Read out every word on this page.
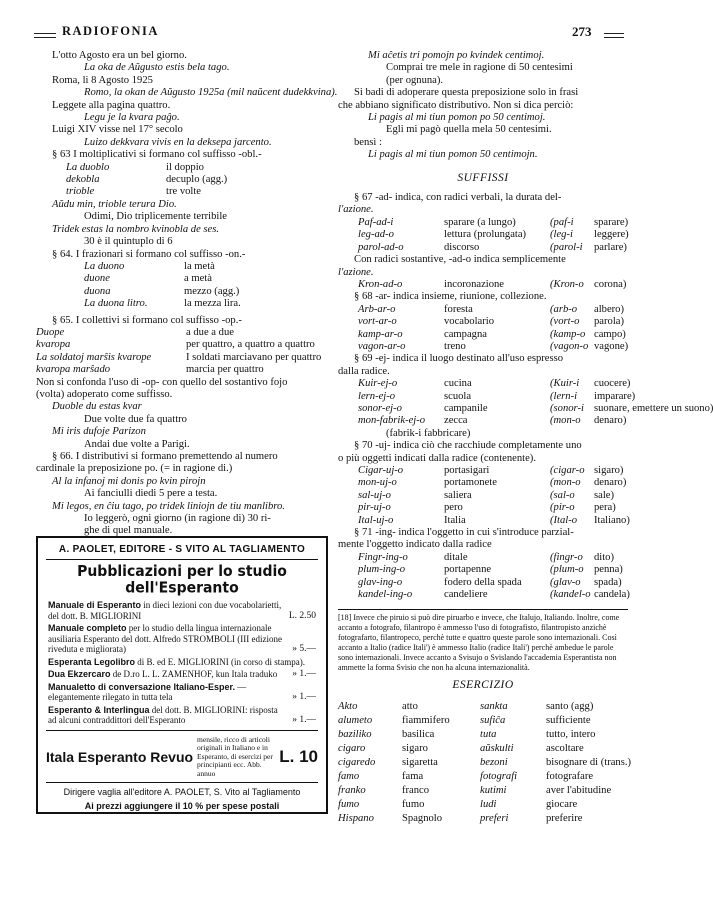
RADIOFONIA	273
L'otto Agosto era un bel giorno.
La oka de Aŭgusto estis bela tago.
Roma, li 8 Agosto 1925
Romo, la okan de Aŭgusto 1925a (mil naŭcent dudekkvina).
Leggete alla pagina quattro.
Legu je la kvara paĝo.
Luigi XIV visse nel 17° secolo
Luizo dekkvara vivis en la deksepa jarcento.
§ 63 I moltiplicativi si formano col suffisso -obl.-
La duoblo	il doppio
dekobla	decuplo (agg.)
trioble	tre volte
Aŭdu min, trioble terura Dio.
Odimi, Dio triplicemente terribile
Tridek estas la nombro kvinobla de ses.
30 è il quintuplo di 6
§ 64. I frazionari si formano col suffisso -on.-
La duono	la metà
duone	a metà
duona	mezzo (agg.)
La duona litro.	la mezza lira.
§ 65. I collettivi si formano col suffisso -op.-
Duope	a due a due
kvaropa	per quattro, a quattro a quattro
La soldatoj marŝis kvarope	I soldati marciavano per quattro
kvaropa marŝado	marcia per quattro
Non si confonda l'uso di -op- con quello del sostantivo fojo
(volta) adoperato come suffisso.
Duoble du estas kvar
Due volte due fa quattro
Mi iris dufoje Parizon
Andai due volte a Parigi.
§ 66. I distributivi si formano premettendo al numero
cardinale la preposizione po. (= in ragione di.)
Al la infanoj mi donis po kvin pirojn
Ai fanciulli diedi 5 pere a testa.
Mi legos, en ĉiu tago, po tridek liniojn de tiu manlibro.
Io leggerò, ogni giorno (in ragione di) 30 ri-
ghe di quel manuale.
A. PAOLET, EDITORE - S VITO AL TAGLIAMENTO
Pubblicazioni per lo studio dell'Esperanto
Manuale di Esperanto in dieci lezioni con due vocabolarietti, del dott. B. MIGLIORINI	L. 2.50
Manuale completo per lo studio della lingua internazionale ausiliaria Esperanto del dott. Alfredo STROMBOLI (III edizione riveduta e migliorata)	» 5.—
Esperanta Legolibro di B. ed E. MIGLIORINI (in corso di stampa).
Dua Ekzercaro de D.ro L. L. ZAMENHOF, kun Itala traduko » 1.—
Manualetto di conversazione Italiano-Esper. — elegantemente rilegato in tutta tela	» 1.—
Esperanto & Interlingua del dott. B. MIGLIORINI: risposta ad alcuni contraddittori dell'Esperanto	» 1.—
Itala Esperanto Revuo
mensile, ricco di articoli originali in Italiano e in Esperanto, di esercizi per principianti ecc. Abb. annuo
L. 10
Dirigere vaglia all'editore A. PAOLET, S. Vito al Tagliamento
Ai prezzi aggiungere il 10 % per spese postali
Mi aĉetis tri pomojn po kvindek centimoj.
Comprai tre mele in ragione di 50 centesimi
(per ognuna).
Si badi di adoperare questa preposizione solo in frasi
che abbiano significato distributivo. Non si dica perciò:
Li pagis al mi tiun pomon po 50 centimoj.
Egli mi pagò quella mela 50 centesimi.
bensì :
Li pagis al mi tiun pomon 50 centimojn.
SUFFISSI
§ 67 -ad- indica, con radici verbali, la durata del-
l'azione.
Paf-ad-i	sparare (a lungo)	(paf-i	sparare)
leg-ad-o	lettura (prolungata)	(leg-i	leggere)
parol-ad-o	discorso	(parol-i	parlare)
Con radici sostantive, -ad-o indica semplicemente
l'azione.
Kron-ad-o	incoronazione	(Kron-o corona)
§ 68 -ar- indica insieme, riunione, collezione.
Arb-ar-o	foresta	(arb-o	albero)
vort-ar-o	vocabolario	(vort-o	parola)
kamp-ar-o	campagna	(kamp-o campo)
vagon-ar-o	treno	(vagon-o vagone)
§ 69 -ej- indica il luogo destinato all'uso espresso
dalla radice.
Kuir-ej-o	cucina	(Kuir-i	cuocere)
lern-ej-o	scuola	(lern-i	imparare)
sonor-ej-o	campanile	(sonor-i suonare, emettere un suono)
mon-fabrik-ej-o	zecca	(mon-o	denaro)
(fabrik-i fabbricare)
§ 70 -uj- indica ciò che racchiude completamente uno
o più oggetti indicati dalla radice (contenente).
Cigar-uj-o	portasigari	(cigar-o sigaro)
mon-uj-o	portamonete	(mon-o	denaro)
sal-uj-o	saliera	(sal-o	sale)
pir-uj-o	pero	(pir-o	pera)
Ital-uj-o	Italia	(Ital-o	Italiano)
§ 71 -ing- indica l'oggetto in cui s'introduce parzial-
mente l'oggetto indicato dalla radice
Fingr-ing-o	ditale	(fingr-o	dito)
plum-ing-o	portapenne	(plum-o penna)
glav-ing-o	fodero della spada	(glav-o	spada)
kandel-ing-o	candeliere	(kandel-o candela)
[18] Invece che piruio si può dire piruarbo e invece, che Italujo, Italiando. Inoltre, come accanto a fotografo, filantropo è ammesso l'uso di fotografisto, filantropisto anzichè fotografarto, filantropeco, perchè tutte e quattro queste parole sono internazionali. Così accanto a Italio (radice Itali') è ammesso Italio (radice Itali') perchè ambedue le parole sono internazionali. Invece accanto a Svisujo o Svislando l'accademia Esperantista non ammette la forma Svisio che non ha alcuna internazionalità.
ESERCIZIO
Akto	atto	sankta	santo (agg)
alumeto	fiammifero	sufiĉa	sufficiente
baziliko	basilica	tuta	tutto, intero
cigaro	sigaro	aŭskulti	ascoltare
cigaredo	sigaretta	bezoni	bisognare di (trans.)
famo	fama	fotografi	fotografare
franko	franco	kutimi	aver l'abitudine
fumo	fumo	ludi	giocare
Hispano	Spagnolo	preferi	preferire
